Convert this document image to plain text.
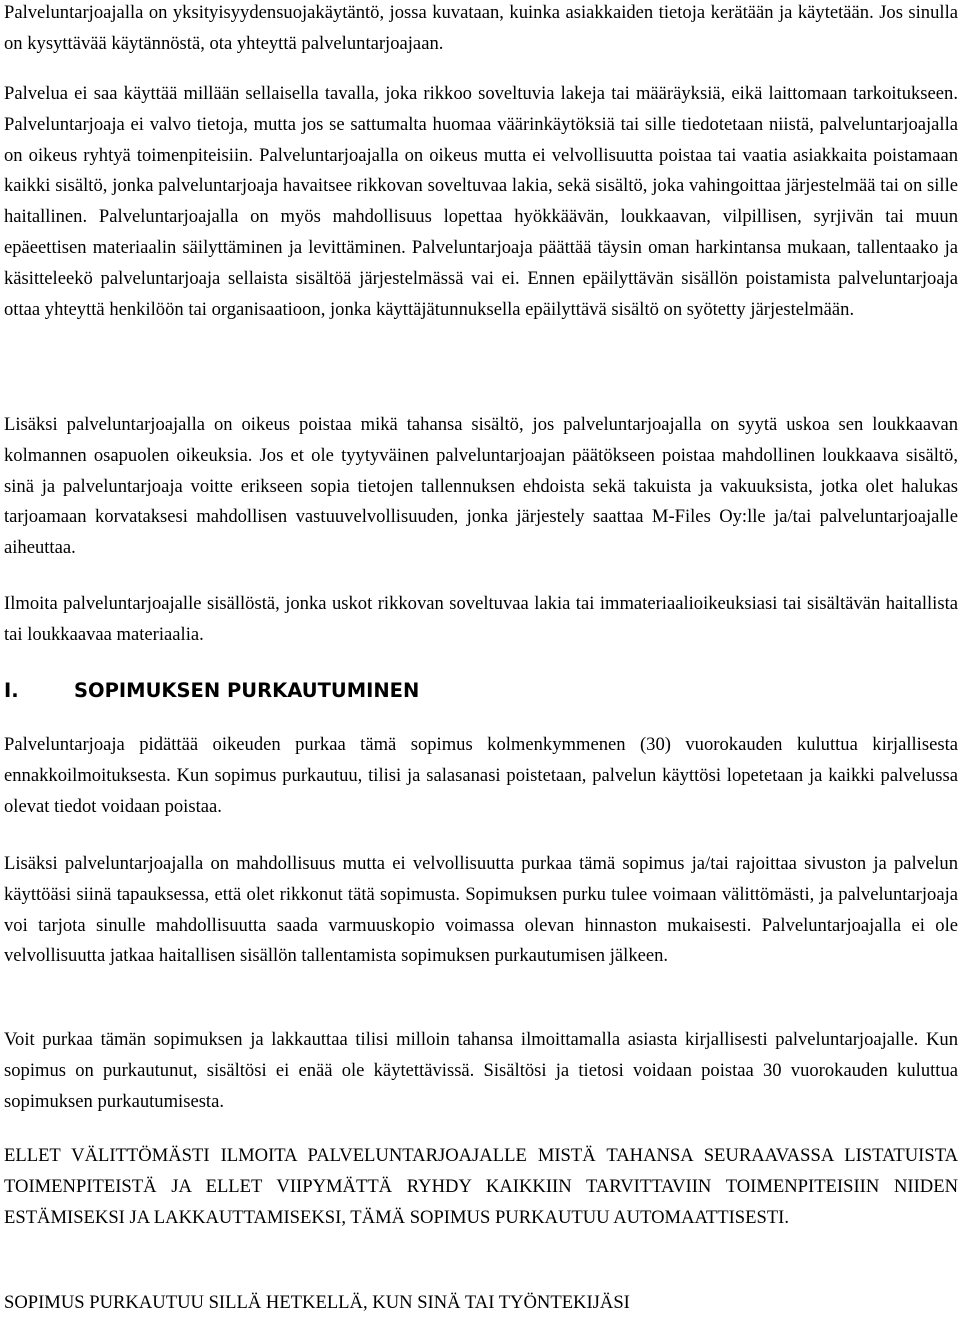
Palveluntarjoajalla on yksityisyydensuojakäytäntö, jossa kuvataan, kuinka asiakkaiden tietoja kerätään ja käytetään. Jos sinulla on kysyttävää käytännöstä, ota yhteyttä palveluntarjoajaan.

Palvelua ei saa käyttää millään sellaisella tavalla, joka rikkoo soveltuvia lakeja tai määräyksiä, eikä laittomaan tarkoitukseen. Palveluntarjoaja ei valvo tietoja, mutta jos se sattumalta huomaa väärinkäytöksiä tai sille tiedotetaan niistä, palveluntarjoajalla on oikeus ryhtyä toimenpiteisiin. Palveluntarjoajalla on oikeus mutta ei velvollisuutta poistaa tai vaatia asiakkaita poistamaan kaikki sisältö, jonka palveluntarjoaja havaitsee rikkovan soveltuvaa lakia, sekä sisältö, joka vahingoittaa järjestelmää tai on sille haitallinen. Palveluntarjoajalla on myös mahdollisuus lopettaa hyökkäävän, loukkaavan, vilpillisen, syrjivän tai muun epäeettisen materiaalin säilyttäminen ja levittäminen. Palveluntarjoaja päättää täysin oman harkintansa mukaan, tallentaako ja käsitteleekö palveluntarjoaja sellaista sisältöä järjestelmässä vai ei. Ennen epäilyttävän sisällön poistamista palveluntarjoaja ottaa yhteyttä henkilöön tai organisaatioon, jonka käyttäjätunnuksella epäilyttävä sisältö on syötetty järjestelmään.

Lisäksi palveluntarjoajalla on oikeus poistaa mikä tahansa sisältö, jos palveluntarjoajalla on syytä uskoa sen loukkaavan kolmannen osapuolen oikeuksia. Jos et ole tyytyväinen palveluntarjoajan päätökseen poistaa mahdollinen loukkaava sisältö, sinä ja palveluntarjoaja voitte erikseen sopia tietojen tallennuksen ehdoista sekä takuista ja vakuuksista, jotka olet halukas tarjoamaan korvataksesi mahdollisen vastuuvelvollisuuden, jonka järjestely saattaa M-Files Oy:lle ja/tai palveluntarjoajalle aiheuttaa.

Ilmoita palveluntarjoajalle sisällöstä, jonka uskot rikkovan soveltuvaa lakia tai immateriaalioikeuksiasi tai sisältävän haitallista tai loukkaavaa materiaalia.

I.	SOPIMUKSEN PURKAUTUMINEN

Palveluntarjoaja pidättää oikeuden purkaa tämä sopimus kolmenkymmenen (30) vuorokauden kuluttua kirjallisesta ennakkoilmoituksesta. Kun sopimus purkautuu, tilisi ja salasanasi poistetaan, palvelun käyttösi lopetetaan ja kaikki palvelussa olevat tiedot voidaan poistaa.

Lisäksi palveluntarjoajalla on mahdollisuus mutta ei velvollisuutta purkaa tämä sopimus ja/tai rajoittaa sivuston ja palvelun käyttöäsi siinä tapauksessa, että olet rikkonut tätä sopimusta. Sopimuksen purku tulee voimaan välittömästi, ja palveluntarjoaja voi tarjota sinulle mahdollisuutta saada varmuuskopio voimassa olevan hinnaston mukaisesti. Palveluntarjoajalla ei ole velvollisuutta jatkaa haitallisen sisällön tallentamista sopimuksen purkautumisen jälkeen.

Voit purkaa tämän sopimuksen ja lakkauttaa tilisi milloin tahansa ilmoittamalla asiasta kirjallisesti palveluntarjoajalle. Kun sopimus on purkautunut, sisältösi ei enää ole käytettävissä. Sisältösi ja tietosi voidaan poistaa 30 vuorokauden kuluttua sopimuksen purkautumisesta.

ELLET VÄLITTÖMÄSTI ILMOITA PALVELUNTARJOAJALLE MISTÄ TAHANSA SEURAAVASSA LISTATUISTA TOIMENPITEISTÄ JA ELLET VIIPYMÄTTÄ RYHDY KAIKKIIN TARVITTAVIIN TOIMENPITEISIIN NIIDEN ESTÄMISEKSI JA LAKKAUTTAMISEKSI, TÄMÄ SOPIMUS PURKAUTUU AUTOMAATTISESTI.

SOPIMUS PURKAUTUU SILLÄ HETKELLÄ, KUN SINÄ TAI TYÖNTEKIJÄSI
